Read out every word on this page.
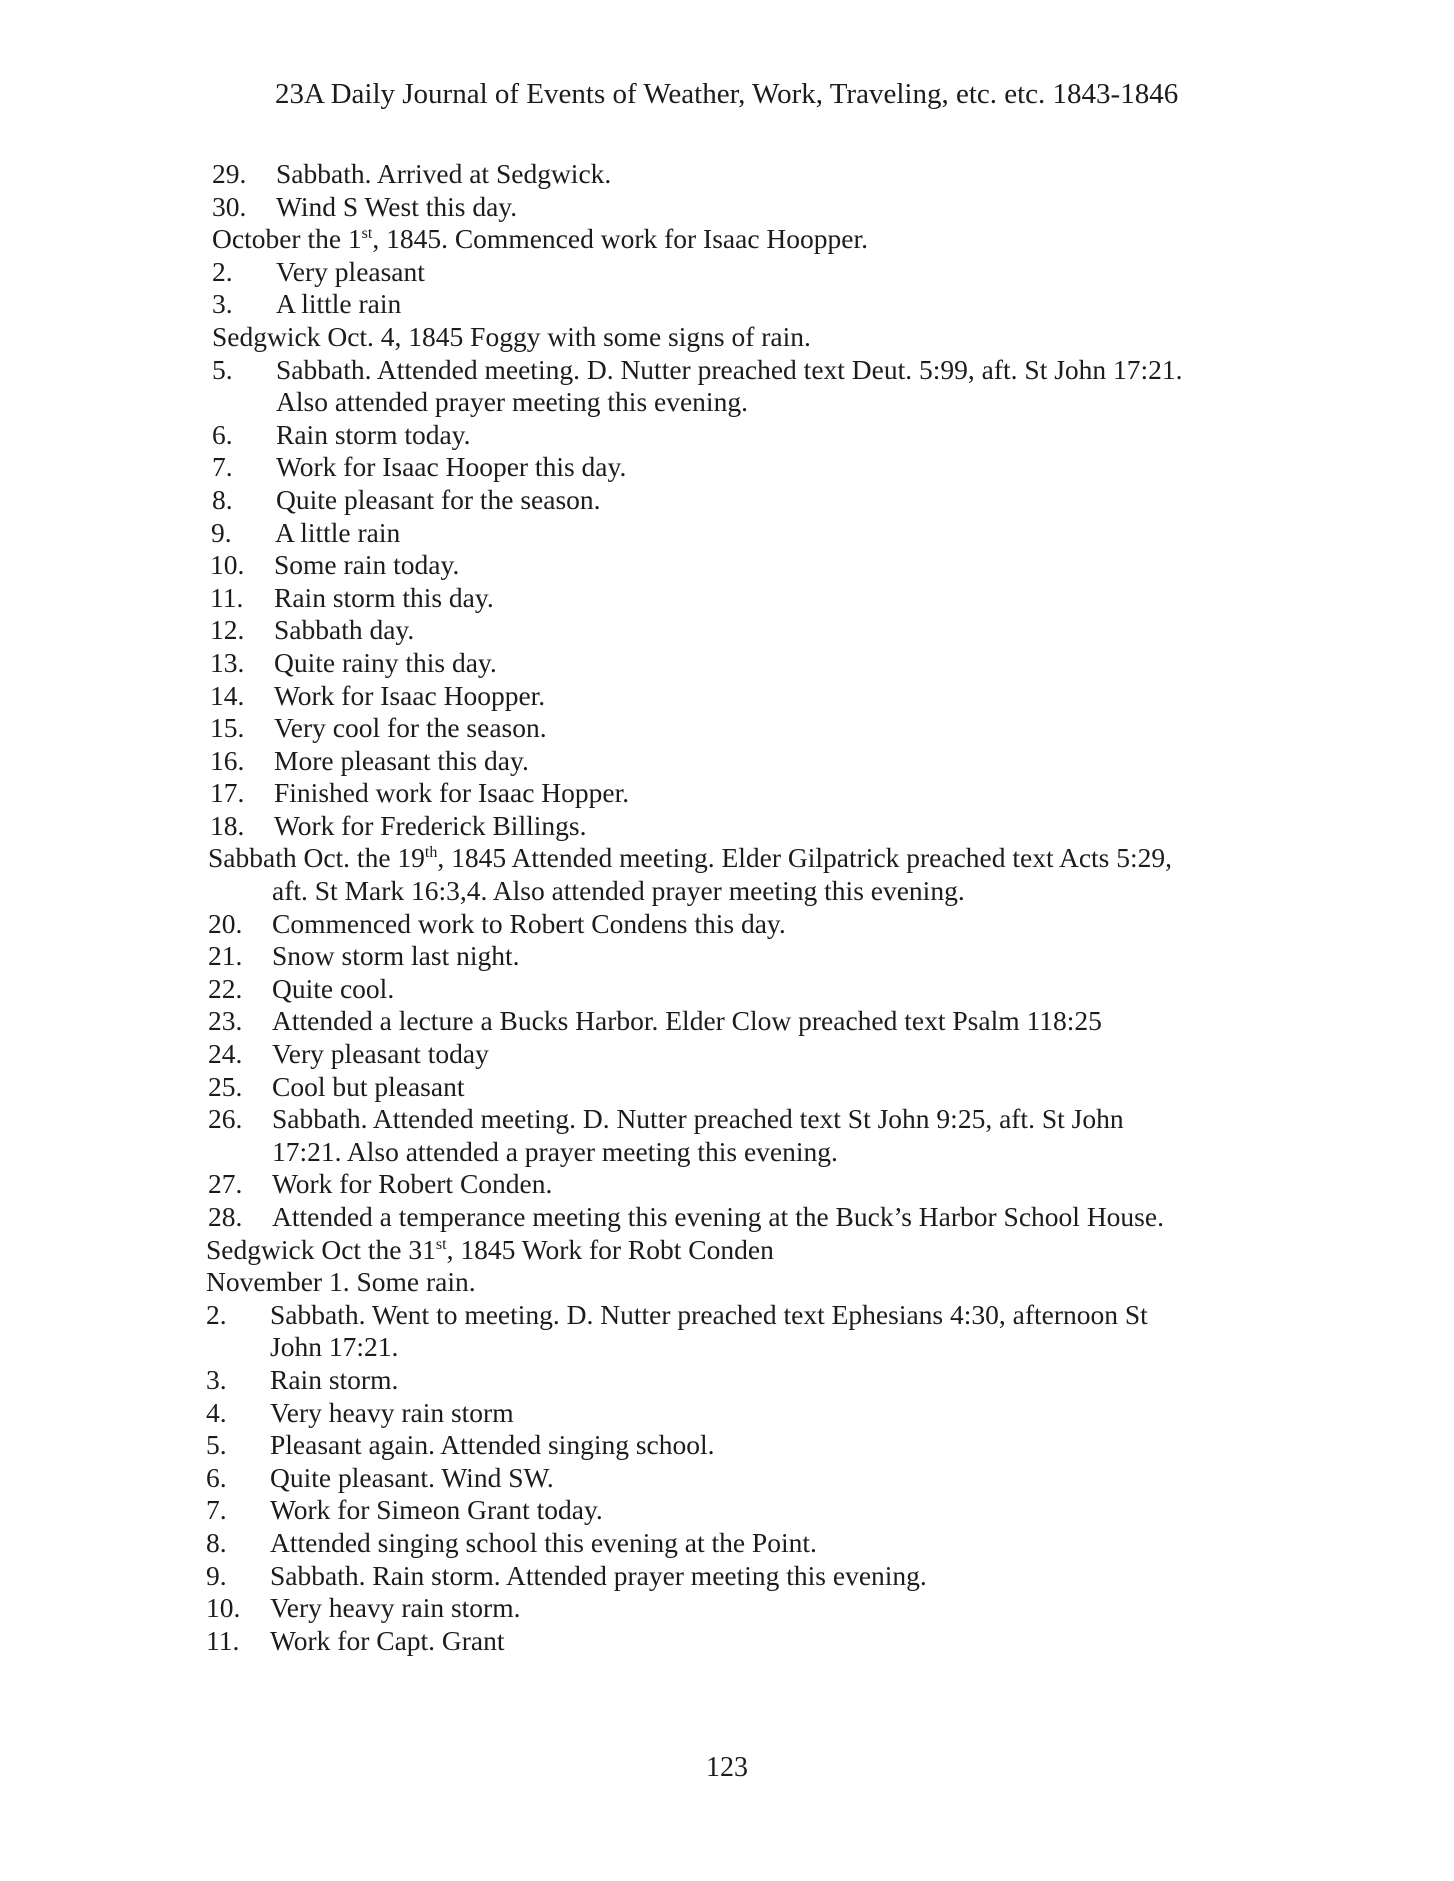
23A Daily Journal of Events of Weather, Work, Traveling, etc. etc. 1843-1846
29. Sabbath. Arrived at Sedgwick.
30. Wind S West this day.
October the 1st, 1845. Commenced work for Isaac Hoopper.
2. Very pleasant
3. A little rain
Sedgwick Oct. 4, 1845 Foggy with some signs of rain.
5. Sabbath. Attended meeting. D. Nutter preached text Deut. 5:99, aft. St John 17:21.
Also attended prayer meeting this evening.
6. Rain storm today.
7. Work for Isaac Hooper this day.
8. Quite pleasant for the season.
9. A little rain
10. Some rain today.
11. Rain storm this day.
12. Sabbath day.
13. Quite rainy this day.
14. Work for Isaac Hoopper.
15. Very cool for the season.
16. More pleasant this day.
17. Finished work for Isaac Hopper.
18. Work for Frederick Billings.
Sabbath Oct. the 19th, 1845 Attended meeting. Elder Gilpatrick preached text Acts 5:29,
aft. St Mark 16:3,4. Also attended prayer meeting this evening.
20. Commenced work to Robert Condens this day.
21. Snow storm last night.
22. Quite cool.
23. Attended a lecture a Bucks Harbor. Elder Clow preached text Psalm 118:25
24. Very pleasant today
25. Cool but pleasant
26. Sabbath. Attended meeting. D. Nutter preached text St John 9:25, aft. St John
17:21. Also attended a prayer meeting this evening.
27. Work for Robert Conden.
28. Attended a temperance meeting this evening at the Buck’s Harbor School House.
Sedgwick Oct the 31st, 1845 Work for Robt Conden
November 1. Some rain.
2. Sabbath. Went to meeting. D. Nutter preached text Ephesians 4:30, afternoon St
John 17:21.
3. Rain storm.
4. Very heavy rain storm
5. Pleasant again. Attended singing school.
6. Quite pleasant. Wind SW.
7. Work for Simeon Grant today.
8. Attended singing school this evening at the Point.
9. Sabbath. Rain storm. Attended prayer meeting this evening.
10. Very heavy rain storm.
11. Work for Capt. Grant
123
